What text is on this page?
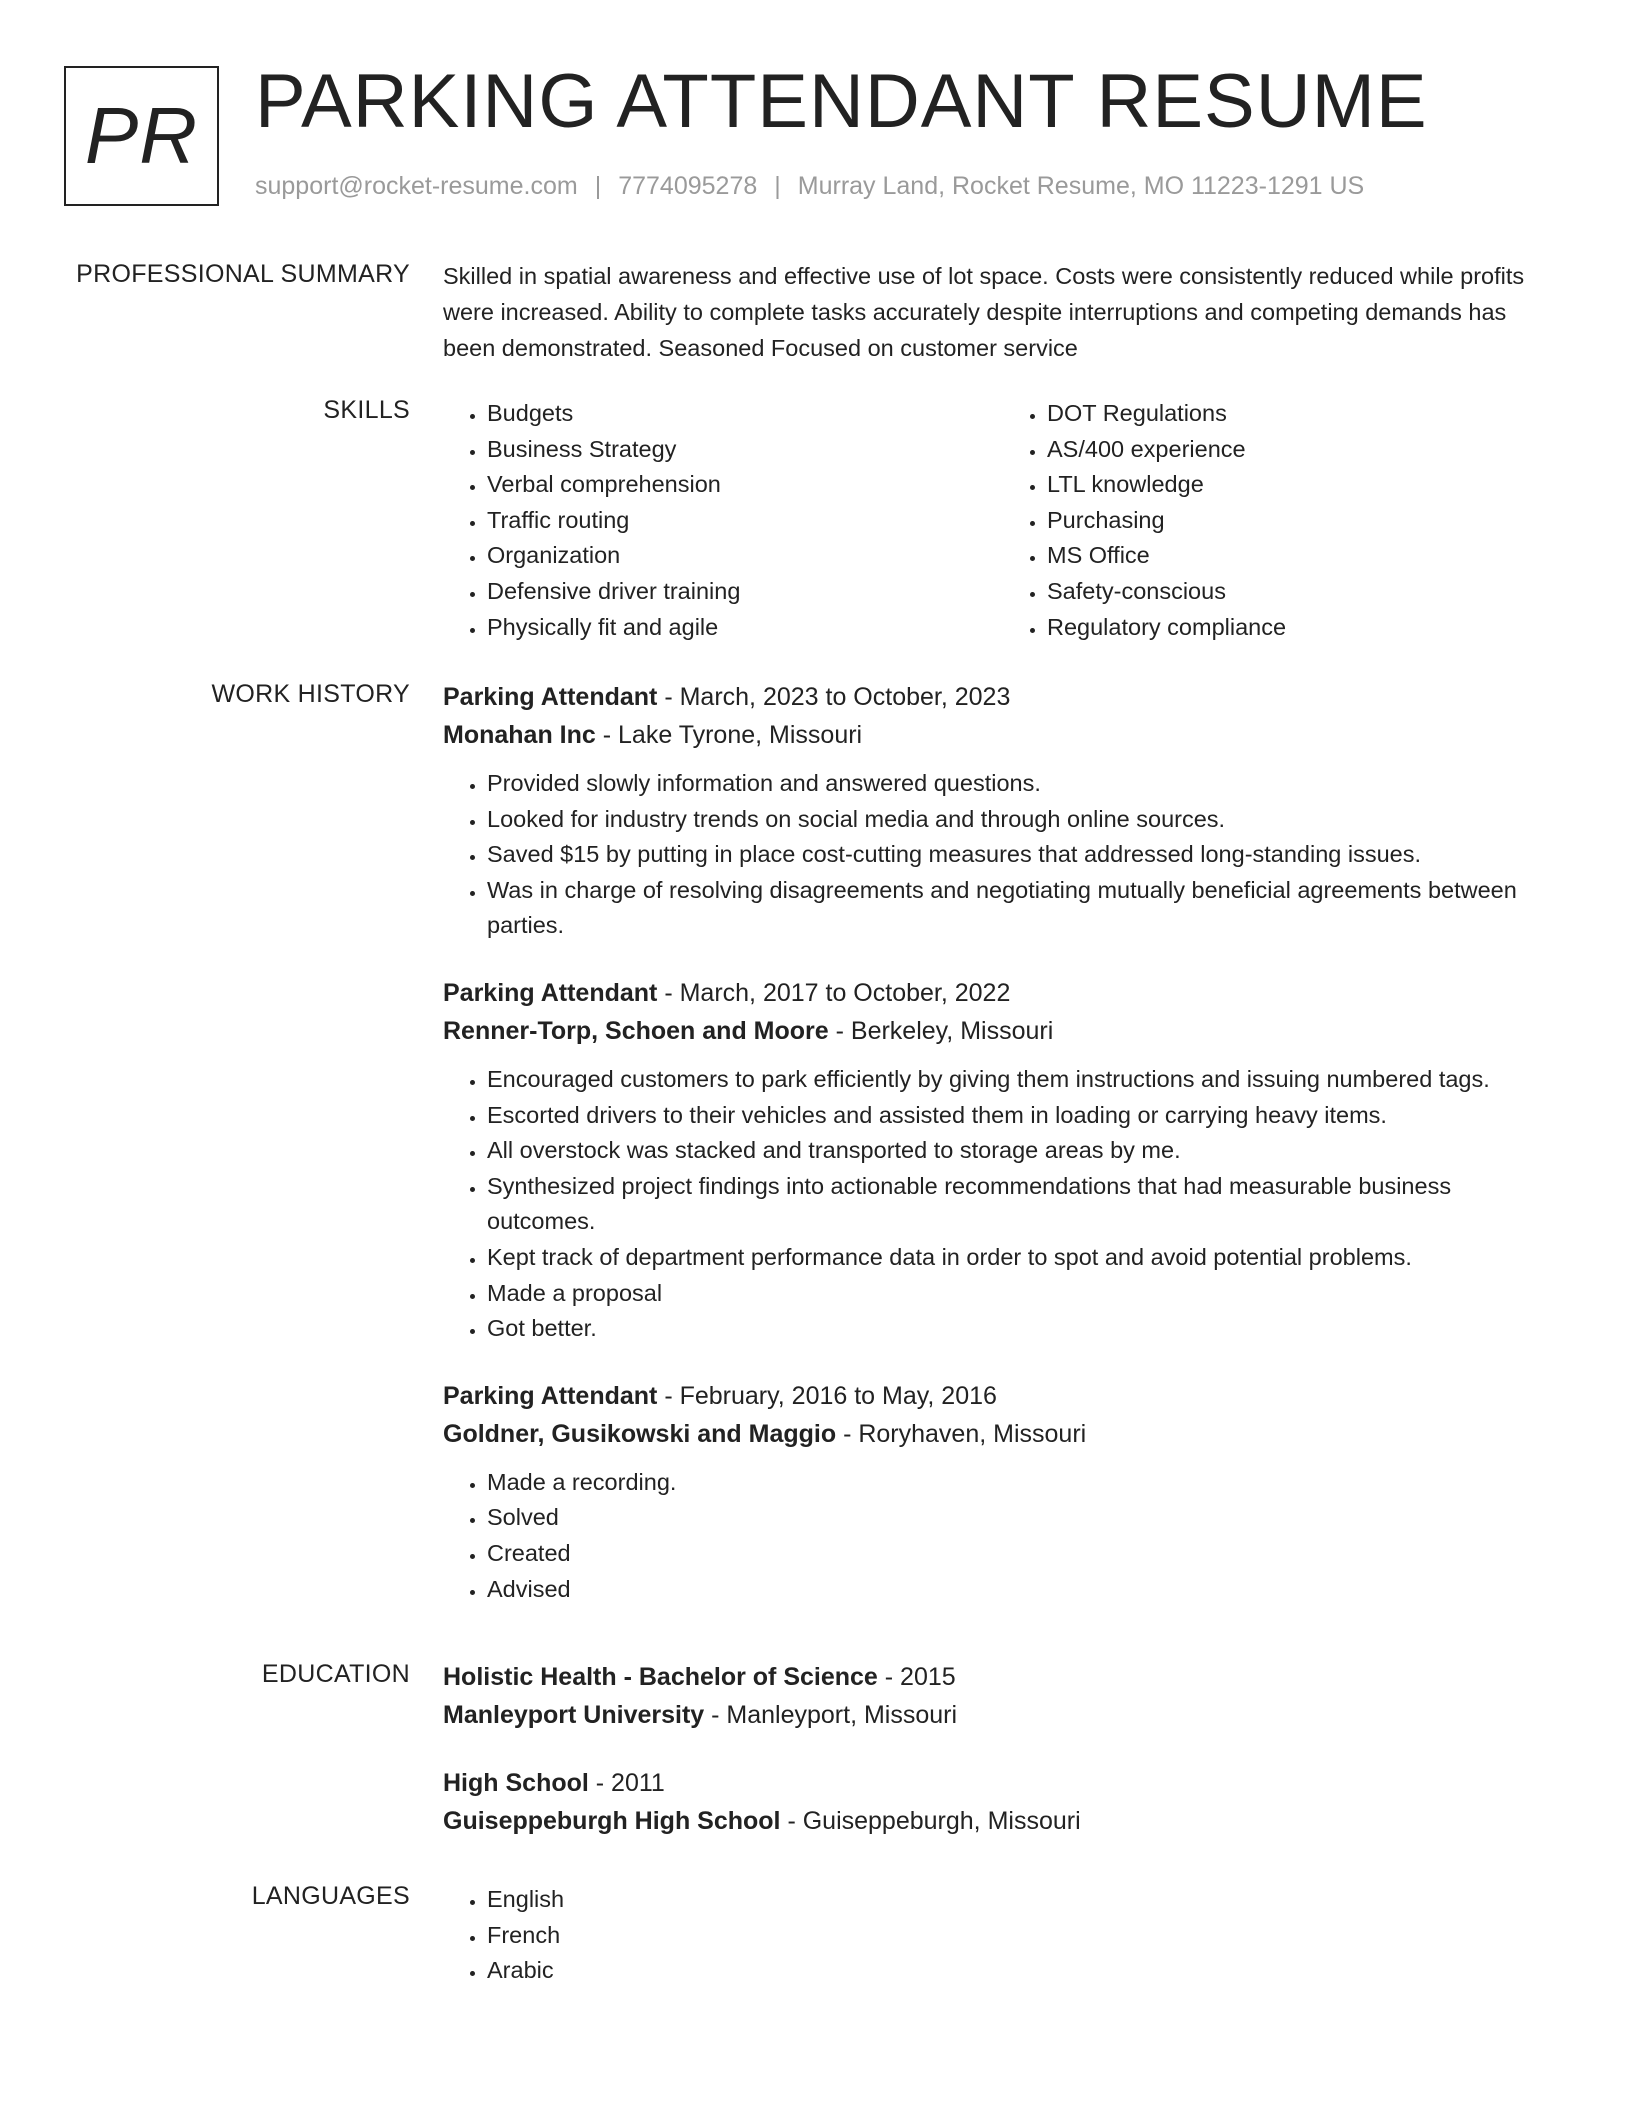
PR PARKING ATTENDANT RESUME
support@rocket-resume.com | 7774095278 | Murray Land, Rocket Resume, MO 11223-1291 US
PROFESSIONAL SUMMARY Skilled in spatial awareness and effective use of lot space. Costs were consistently reduced while profits were increased. Ability to complete tasks accurately despite interruptions and competing demands has been demonstrated. Seasoned Focused on customer service
SKILLS	• Budgets
• Business Strategy
• Verbal comprehension
• Traffic routing
• Organization
• Defensive driver training
• Physically fit and agile
• DOT Regulations
• AS/400 experience
• LTL knowledge
• Purchasing
• MS Office
• Safety-conscious
• Regulatory compliance
WORK HISTORY Parking Attendant - March, 2023 to October, 2023
Monahan Inc - Lake Tyrone, Missouri
• Provided slowly information and answered questions.
• Looked for industry trends on social media and through online sources.
• Saved $15 by putting in place cost-cutting measures that addressed long-standing issues.
• Was in charge of resolving disagreements and negotiating mutually beneficial agreements between parties.
Parking Attendant - March, 2017 to October, 2022
Renner-Torp, Schoen and Moore - Berkeley, Missouri
• Encouraged customers to park efficiently by giving them instructions and issuing numbered tags.
• Escorted drivers to their vehicles and assisted them in loading or carrying heavy items.
• All overstock was stacked and transported to storage areas by me.
• Synthesized project findings into actionable recommendations that had measurable business outcomes.
• Kept track of department performance data in order to spot and avoid potential problems.
• Made a proposal
• Got better.
Parking Attendant - February, 2016 to May, 2016
Goldner, Gusikowski and Maggio - Roryhaven, Missouri
• Made a recording.
• Solved
• Created
• Advised
EDUCATION Holistic Health - Bachelor of Science - 2015
Manleyport University - Manleyport, Missouri
High School - 2011
Guiseppeburgh High School - Guiseppeburgh, Missouri
LANGUAGES	• English
• French
• Arabic
